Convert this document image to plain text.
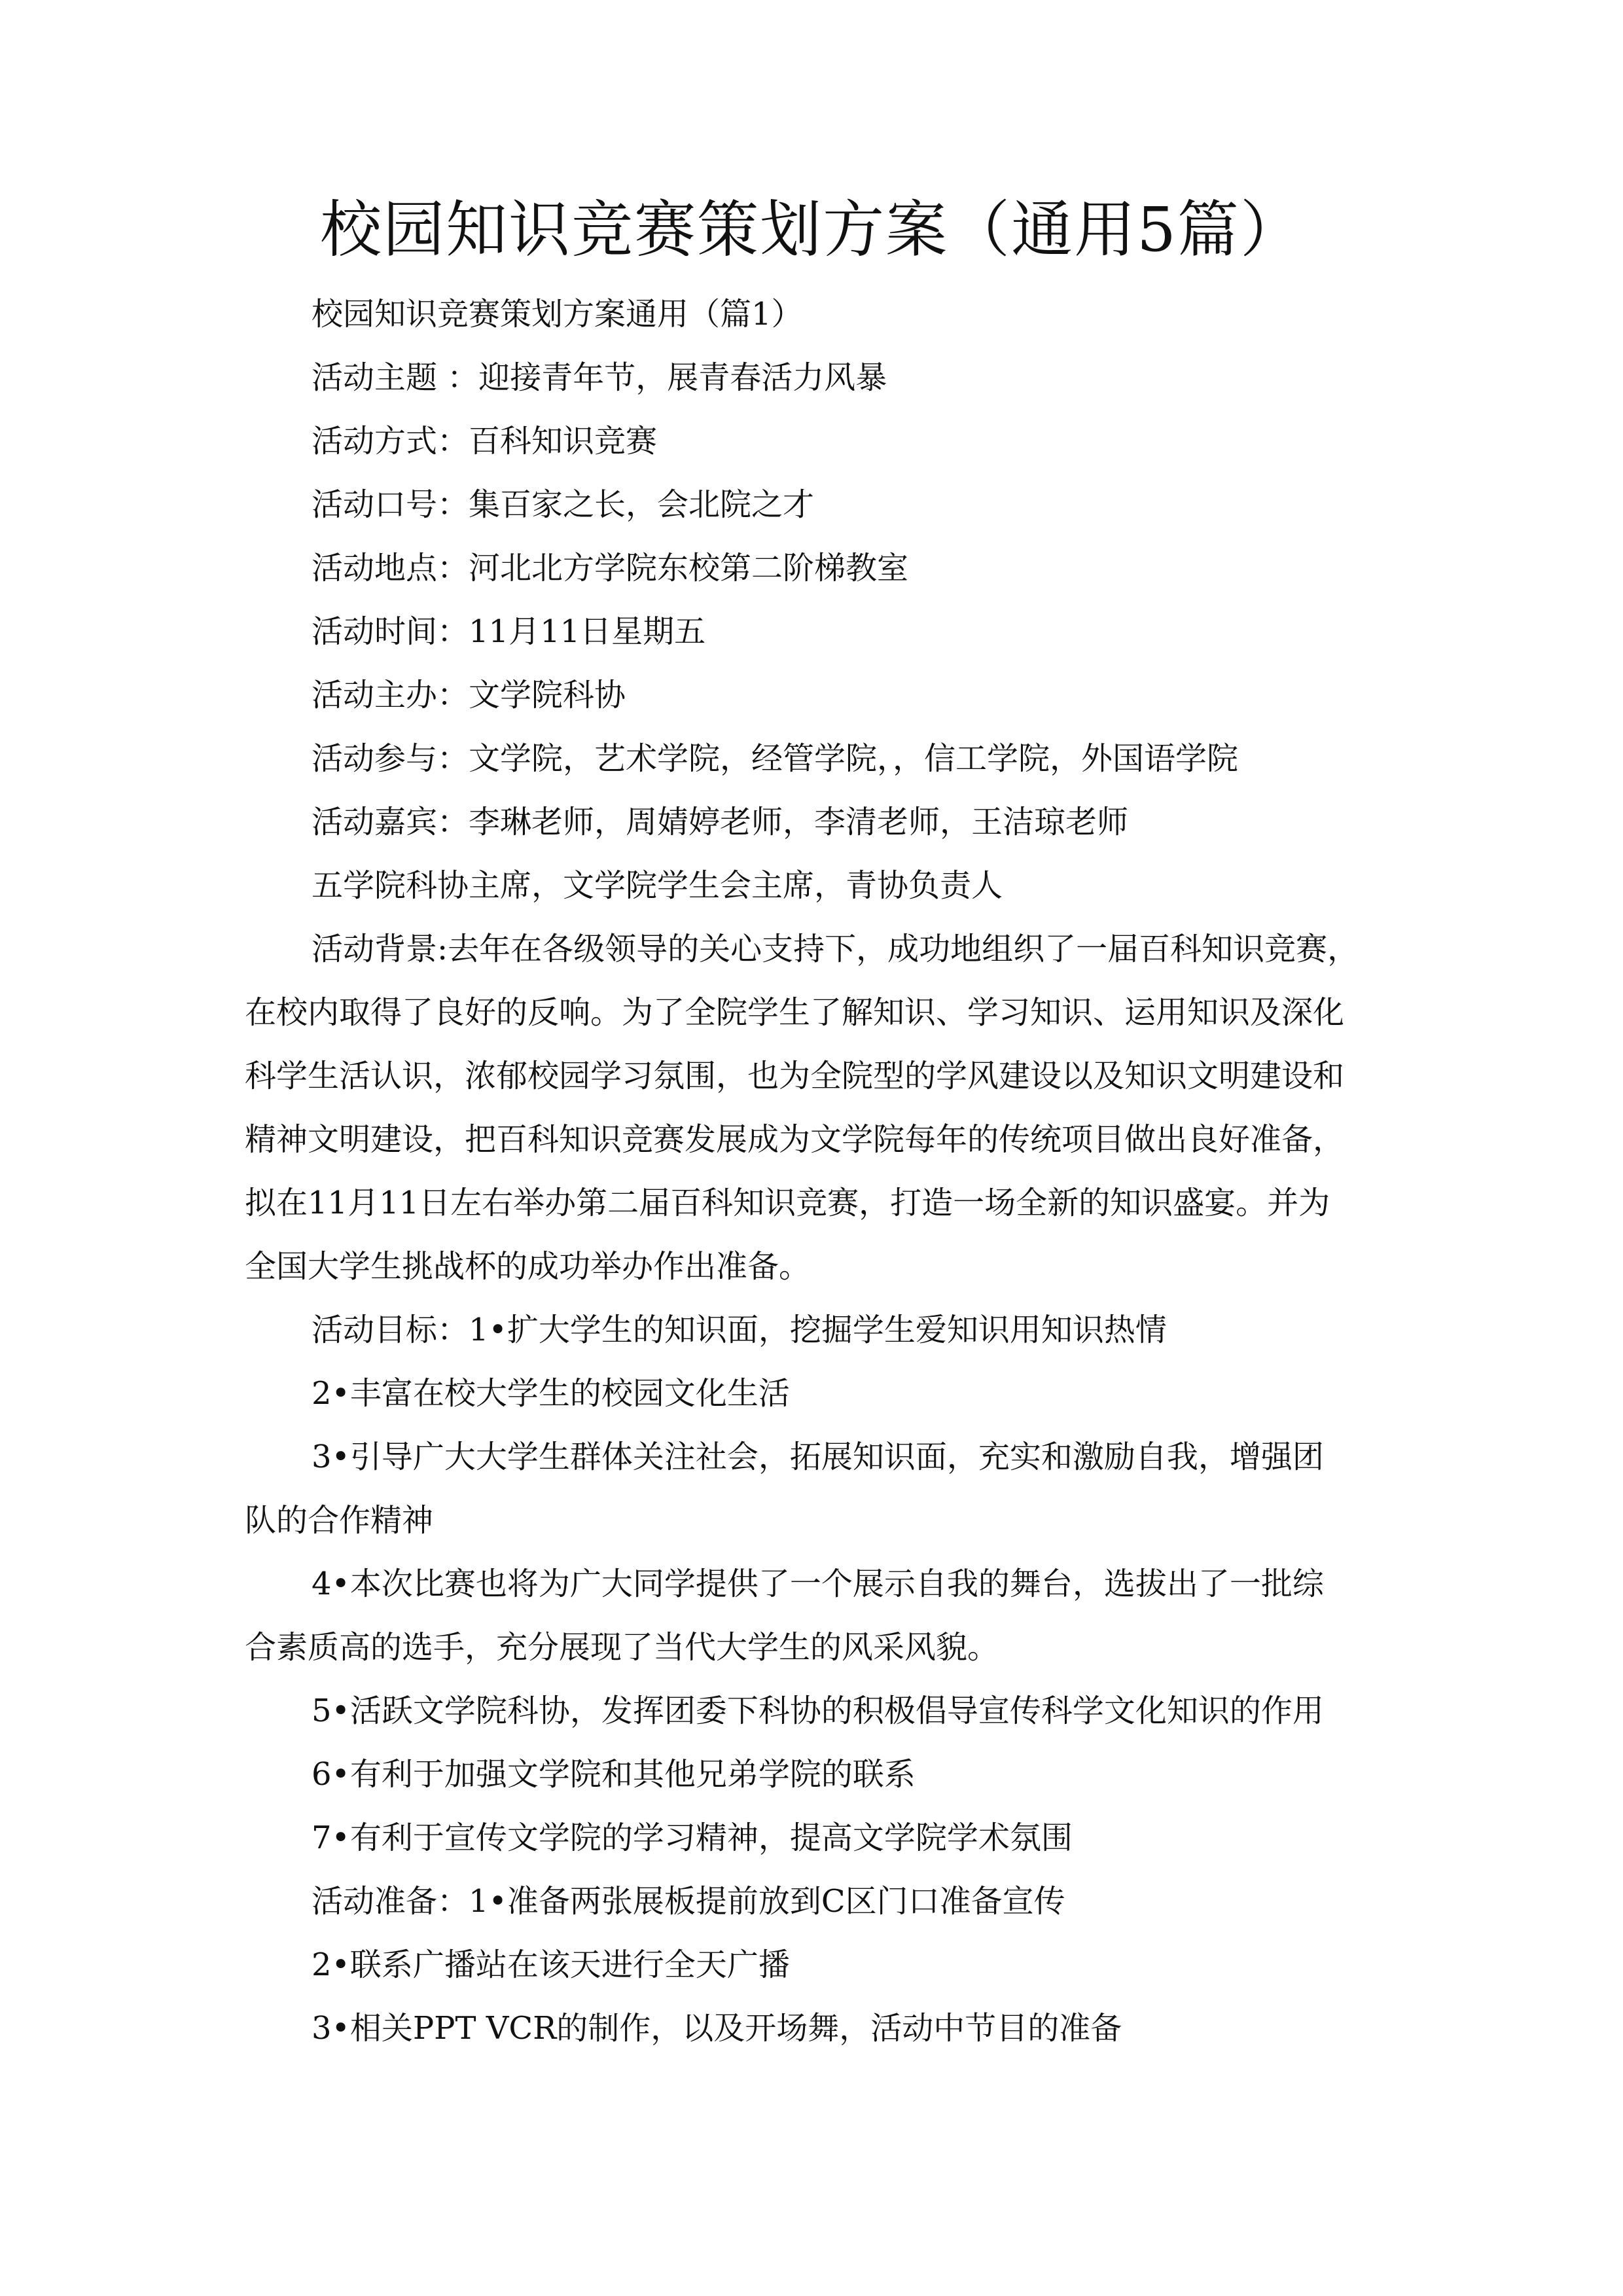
校园知识竞赛策划方案（通用5篇）
校园知识竞赛策划方案通用（篇1）
活动主题 ：迎接青年节，展青春活力风暴
活动方式：百科知识竞赛
活动口号：集百家之长，会北院之才
活动地点：河北北方学院东校第二阶梯教室
活动时间：11月11日星期五
活动主办：文学院科协
活动参与：文学院，艺术学院，经管学院，，信工学院，外国语学院
活动嘉宾：李琳老师，周婧婷老师，李清老师，王洁琼老师
五学院科协主席，文学院学生会主席，青协负责人
活动背景:去年在各级领导的关心支持下，成功地组织了一届百科知识竞赛，
在校内取得了良好的反响。为了全院学生了解知识、学习知识、运用知识及深化
科学生活认识，浓郁校园学习氛围，也为全院型的学风建设以及知识文明建设和
精神文明建设，把百科知识竞赛发展成为文学院每年的传统项目做出良好准备，
拟在11月11日左右举办第二届百科知识竞赛，打造一场全新的知识盛宴。并为
全国大学生挑战杯的成功举办作出准备。
活动目标：1•扩大学生的知识面，挖掘学生爱知识用知识热情
2•丰富在校大学生的校园文化生活
3•引导广大大学生群体关注社会，拓展知识面，充实和激励自我，增强团
队的合作精神
4•本次比赛也将为广大同学提供了一个展示自我的舞台，选拔出了一批综
合素质高的选手，充分展现了当代大学生的风采风貌。
5•活跃文学院科协，发挥团委下科协的积极倡导宣传科学文化知识的作用
6•有利于加强文学院和其他兄弟学院的联系
7•有利于宣传文学院的学习精神，提高文学院学术氛围
活动准备：1•准备两张展板提前放到C区门口准备宣传
2•联系广播站在该天进行全天广播
3•相关PPT VCR的制作，以及开场舞，活动中节目的准备
